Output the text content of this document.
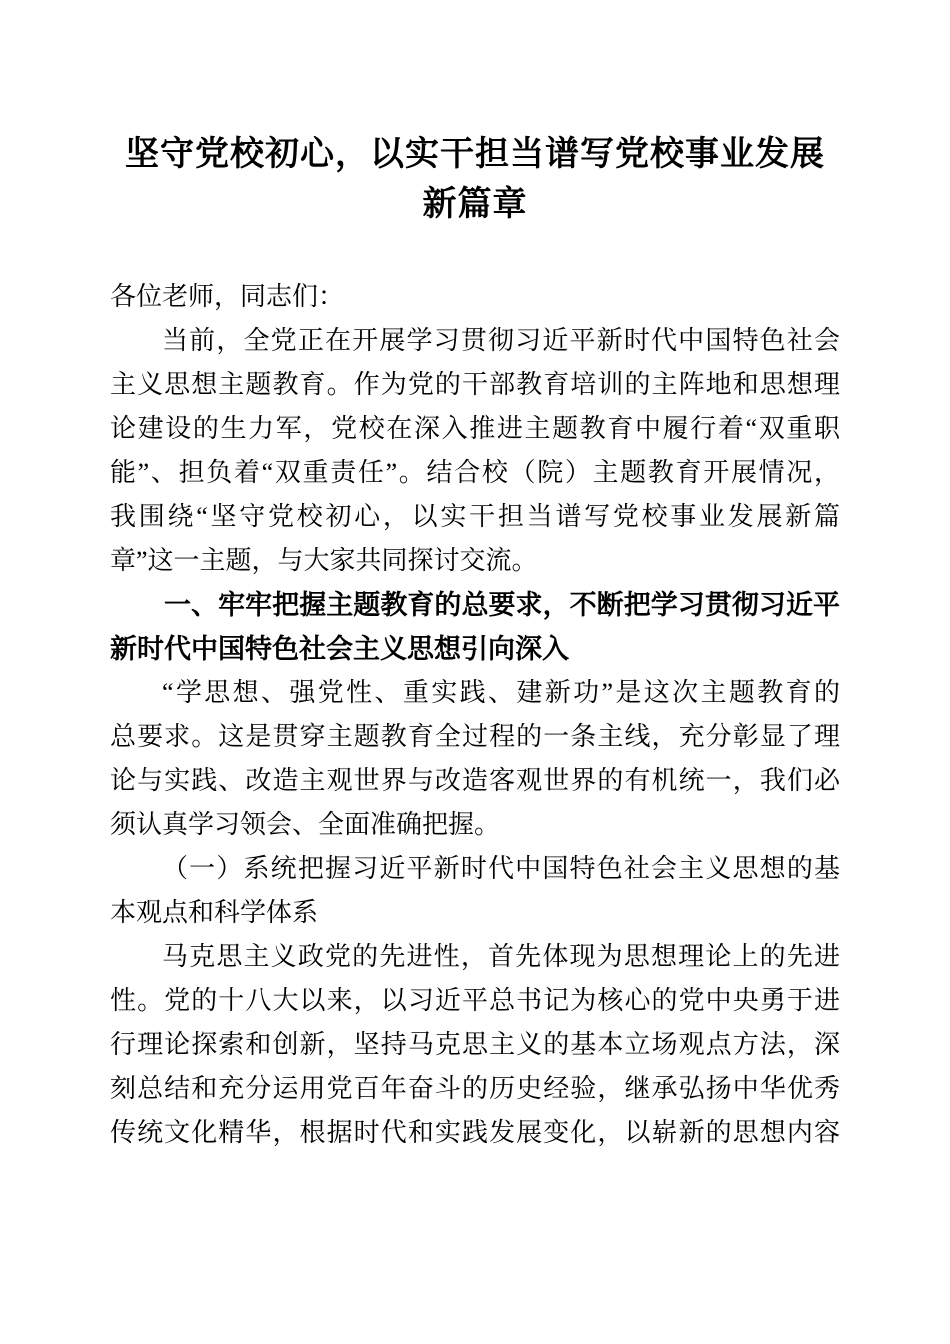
坚守党校初心，以实干担当谱写党校事业发展
新篇章
各位老师，同志们：
当前，全党正在开展学习贯彻习近平新时代中国特色社会
主义思想主题教育。作为党的干部教育培训的主阵地和思想理
论建设的生力军，党校在深入推进主题教育中履行着“双重职
能”、担负着“双重责任”。结合校（院）主题教育开展情况，
我围绕“坚守党校初心，以实干担当谱写党校事业发展新篇
章”这一主题，与大家共同探讨交流。
一、牢牢把握主题教育的总要求，不断把学习贯彻习近平
新时代中国特色社会主义思想引向深入
“学思想、强党性、重实践、建新功”是这次主题教育的
总要求。这是贯穿主题教育全过程的一条主线，充分彰显了理
论与实践、改造主观世界与改造客观世界的有机统一，我们必
须认真学习领会、全面准确把握。
（一）系统把握习近平新时代中国特色社会主义思想的基
本观点和科学体系
马克思主义政党的先进性，首先体现为思想理论上的先进
性。党的十八大以来，以习近平总书记为核心的党中央勇于进
行理论探索和创新，坚持马克思主义的基本立场观点方法，深
刻总结和充分运用党百年奋斗的历史经验，继承弘扬中华优秀
传统文化精华，根据时代和实践发展变化，以崭新的思想内容
